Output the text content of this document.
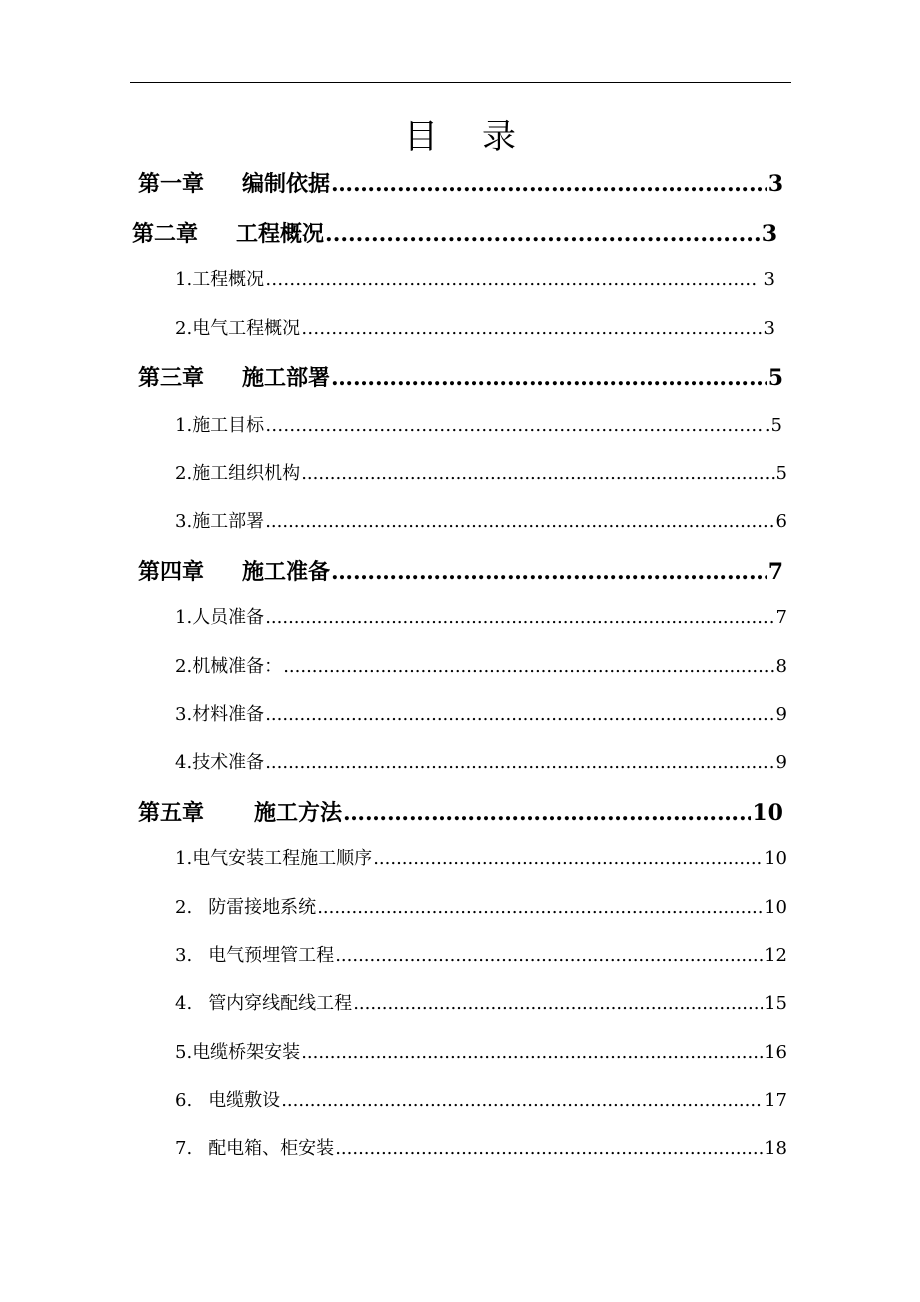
目录
第一章 编制依据 ………………………………………………………………………………………………………………………………………………………………………………………………	3
第二章 工程概况 .....	3
1. 工程概况 ………………………………………………………………………………………………………………………………………………………………………………………………	3
2. 电气工程概况 ………………………………………………………………………………………………………………………………………………………………………………………………	3
第三章 施工部署 ………………………………………………………………………………………………………………………………………………………………………………………………	5
1. 施工目标 ………………………………………………………………………………………………………………………………………………………………………………………………	.5
2. 施工组织机构 .....	5
3. 施工部署 .....	6
第四章 施工准备 ………………………………………………………………………………………………………………………………………………………………………………………………	7
1. 人员准备 .....	7
2. 机械准备： .....	8
3. 材料准备 .....	9
4. 技术准备 .....	9
第五章 施工方法 ………………………………………………………………………………………………………………………………………………………………………………………………	10
1. 电气安装工程施工顺序 .....	10
2. 防雷接地系统 .....	10
3. 电气预埋管工程 .....	12
4. 管内穿线配线工程 .....	15
5. 电缆桥架安装 .....	16
6. 电缆敷设 .....	17
7. 配电箱、柜安装 .....	18
